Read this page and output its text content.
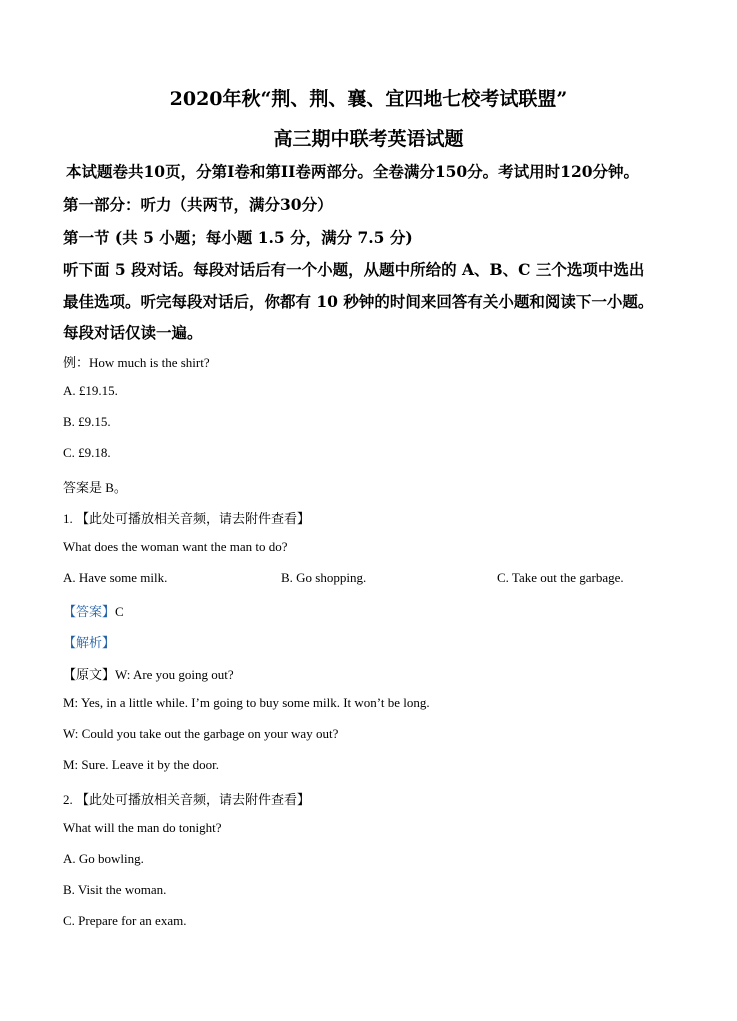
2020年秋“荆、荆、襄、宜四地七校考试联盟”
高三期中联考英语试题
本试题卷共10页，分第I卷和第II卷两部分。全卷满分150分。考试用时120分钟。
第一部分：听力（共两节，满分30分）
第一节 (共 5 小题；每小题 1.5 分，满分 7.5 分)
听下面 5 段对话。每段对话后有一个小题，从题中所给的 A、B、C 三个选项中选出
最佳选项。听完每段对话后，你都有 10 秒钟的时间来回答有关小题和阅读下一小题。
每段对话仅读一遍。
例：How much is the shirt?
A. £19.15.
B. £9.15.
C. £9.18.
答案是 B。
1. 【此处可播放相关音频，请去附件查看】
What does the woman want the man to do?
A. Have some milk.	B. Go shopping.	C. Take out the garbage.
【答案】C
【解析】
【原文】W: Are you going out?
M: Yes, in a little while. I’m going to buy some milk. It won’t be long.
W: Could you take out the garbage on your way out?
M: Sure. Leave it by the door.
2. 【此处可播放相关音频，请去附件查看】
What will the man do tonight?
A. Go bowling.
B. Visit the woman.
C. Prepare for an exam.
